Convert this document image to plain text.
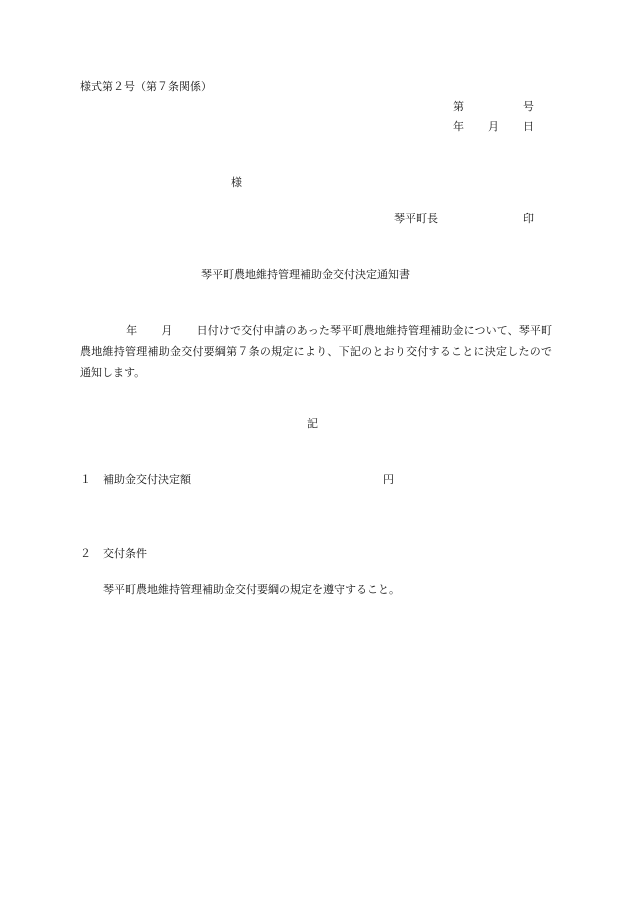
様式第２号（第７条関係）
第	号
年 月 日
様
琴平町長	印
琴平町農地維持管理補助金交付決定通知書
年 月 日付けで交付申請のあった琴平町農地維持管理補助金について、琴平町農地維持管理補助金交付要綱第７条の規定により、下記のとおり交付することに決定したので通知します。
記
１ 補助金交付決定額	円
２ 交付条件
琴平町農地維持管理補助金交付要綱の規定を遵守すること。
